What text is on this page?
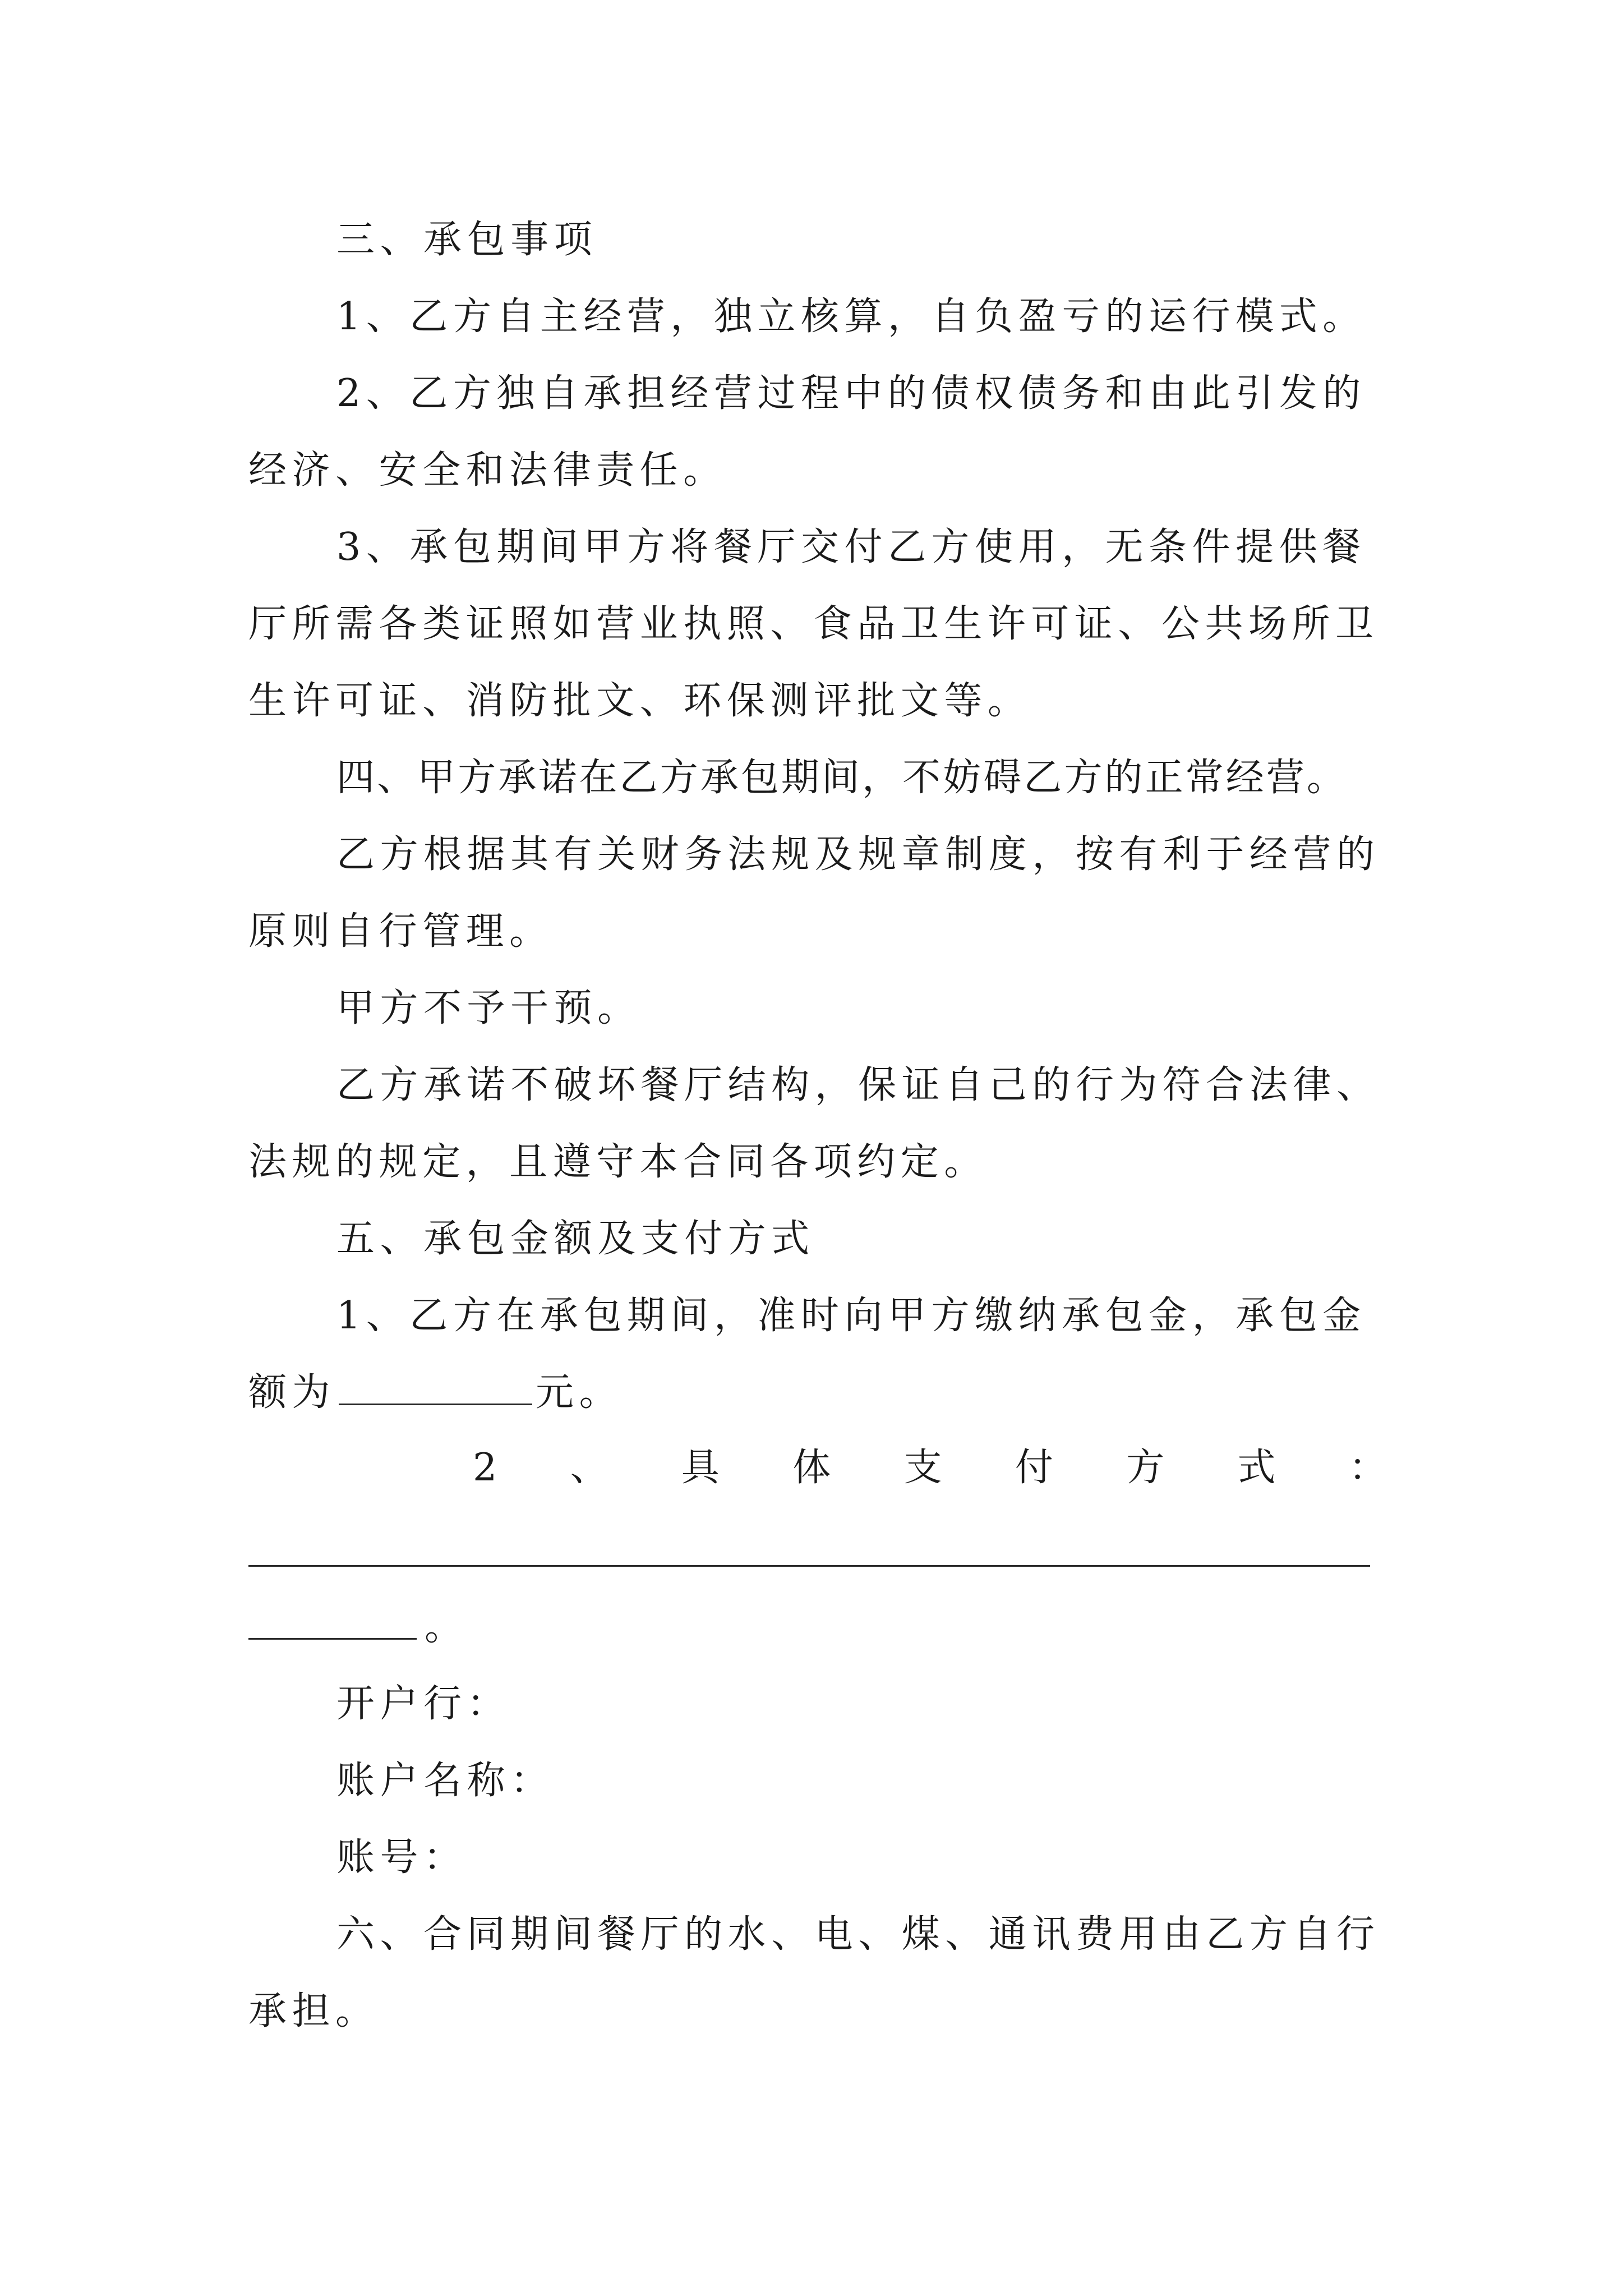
三、承包事项
1、乙方自主经营，独立核算，自负盈亏的运行模式。
2、乙方独自承担经营过程中的债权债务和由此引发的
经济、安全和法律责任。
3、承包期间甲方将餐厅交付乙方使用，无条件提供餐
厅所需各类证照如营业执照、食品卫生许可证、公共场所卫
生许可证、消防批文、环保测评批文等。
四、甲方承诺在乙方承包期间，不妨碍乙方的正常经营。
乙方根据其有关财务法规及规章制度，按有利于经营的
原则自行管理。
甲方不予干预。
乙方承诺不破坏餐厅结构，保证自己的行为符合法律、
法规的规定，且遵守本合同各项约定。
五、承包金额及支付方式
1、乙方在承包期间，准时向甲方缴纳承包金，承包金
额为	元。
2 、 具 体 支 付 方 式 ：
。
开户行：
账户名称：
账号：
六、合同期间餐厅的水、电、煤、通讯费用由乙方自行
承担。
